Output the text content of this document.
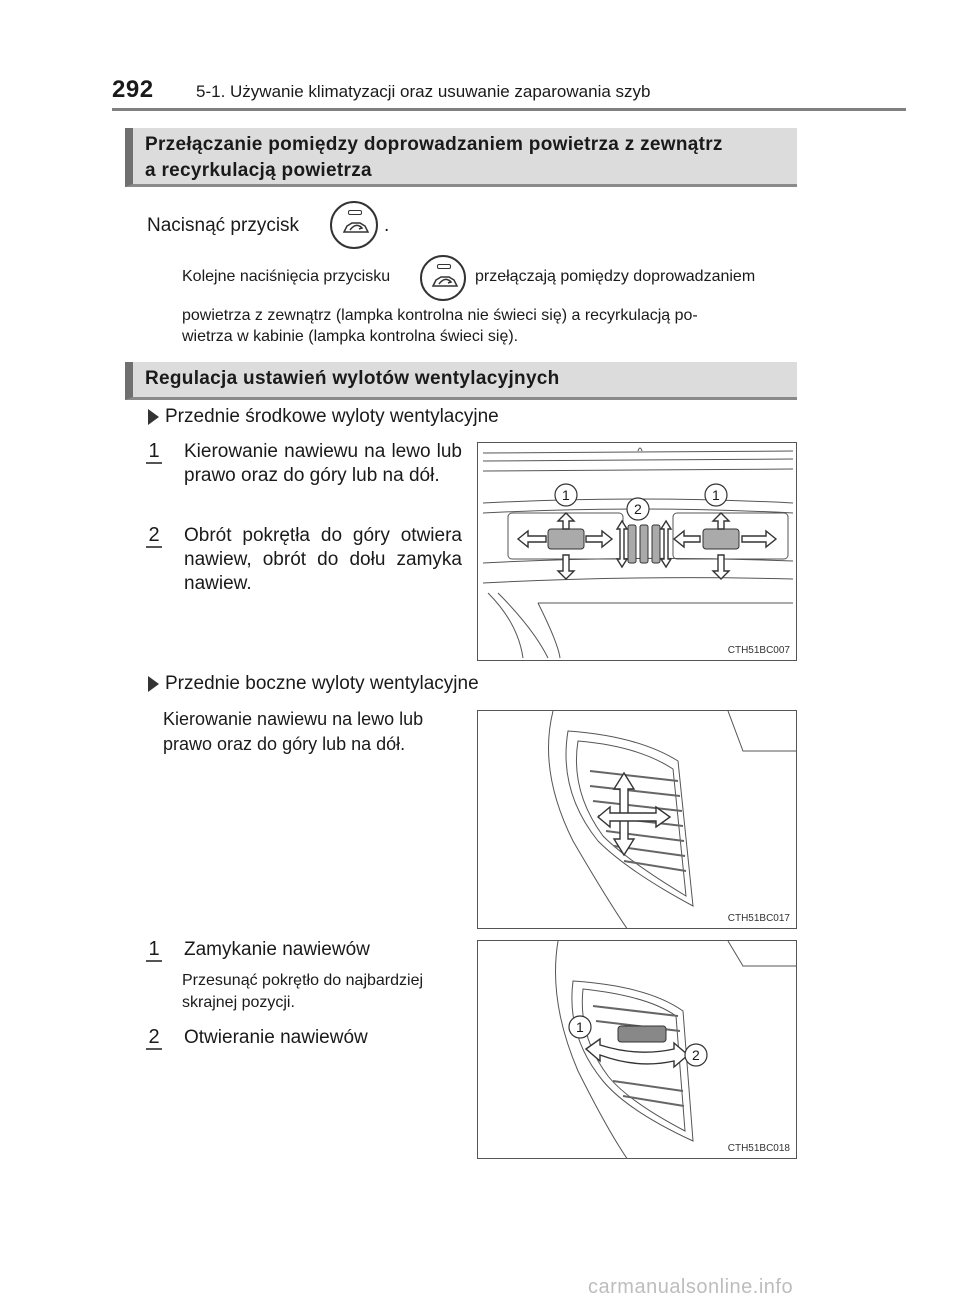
292 5-1. Używanie klimatyzacji oraz usuwanie zaparowania szyb
Przełączanie pomiędzy doprowadzaniem powietrza z zewnątrz
a recyrkulacją powietrza
Nacisnąć przycisk	.
Kolejne naciśnięcia przycisku	przełączają pomiędzy doprowadzaniem
powietrza z zewnątrz (lampka kontrolna nie świeci się) a recyrkulacją po-
wietrza w kabinie (lampka kontrolna świeci się).
Regulacja ustawień wylotów wentylacyjnych
Przednie środkowe wyloty wentylacyjne
1 Kierowanie nawiewu na lewo lub prawo oraz do góry lub na dół.
2 Obrót pokrętła do góry otwiera nawiew, obrót do dołu zamyka nawiew.
1
2
1
CTH51BC007
Przednie boczne wyloty wentylacyjne
Kierowanie nawiewu na lewo lub prawo oraz do góry lub na dół.
CTH51BC017
1 Zamykanie nawiewów
Przesunąć pokrętło do najbardziej skrajnej pozycji.
2 Otwieranie nawiewów	1
2
CTH51BC018
carmanualsonline.info
